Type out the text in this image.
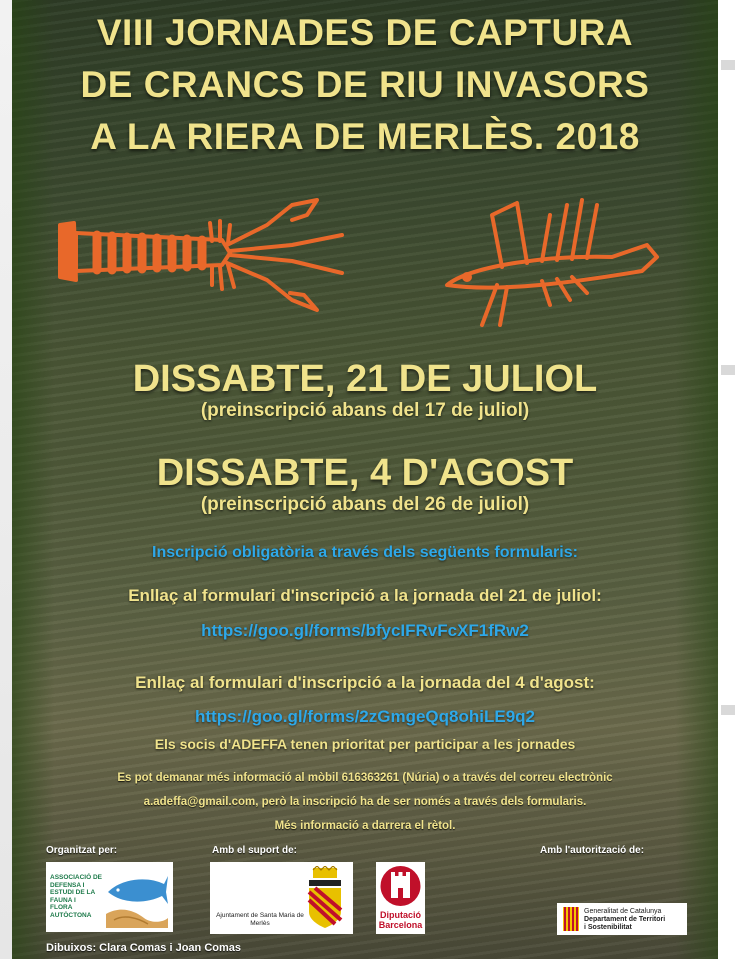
VIII JORNADES DE CAPTURA
DE CRANCS DE RIU INVASORS
A LA RIERA DE MERLÈS. 2018
DISSABTE, 21 DE JULIOL
(preinscripció abans del 17 de juliol)
DISSABTE, 4 D'AGOST
(preinscripció abans del 26 de juliol)
Inscripció obligatòria a través dels següents formularis:
Enllaç al formulari d'inscripció a la jornada del 21 de juliol:
https://goo.gl/forms/bfycIFRvFcXF1fRw2
Enllaç al formulari d'inscripció a la jornada del 4 d'agost:
https://goo.gl/forms/2zGmgeQq8ohiLE9q2
Els socis d'ADEFFA tenen prioritat per participar a les jornades
Es pot demanar més informació al mòbil 616363261 (Núria) o a través del correu electrònic
a.adeffa@gmail.com, però la inscripció ha de ser només a través dels formularis.
Més informació a darrera el rètol.
Organitzat per:	Amb el suport de:	Amb l'autorització de:
ASSOCIACIÓ DE
DEFENSA I
ESTUDI DE LA
FAUNA I
FLORA
AUTÒCTONA	Ajuntament de Santa Maria de Merlès
Diputació
Barcelona
Generalitat de Catalunya
Departament de Territori
i Sostenibilitat
Dibuixos: Clara Comas i Joan Comas
